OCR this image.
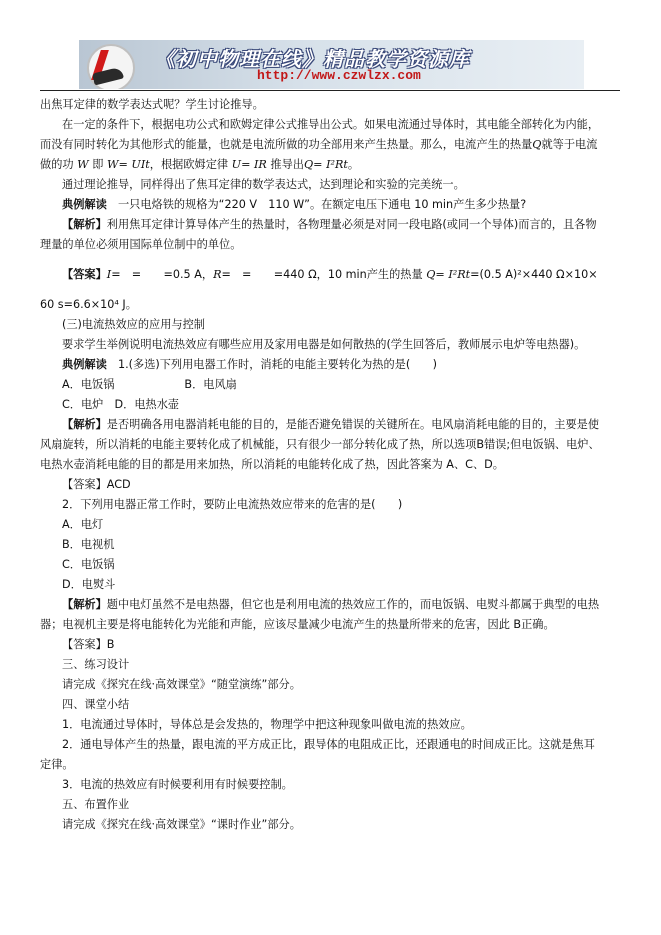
《初中物理在线》精品教学资源库
http://www.czwlzx.com
出焦耳定律的数学表达式呢？学生讨论推导。
在一定的条件下，根据电功公式和欧姆定律公式推导出公式。如果电流通过导体时，其电能全部转化为内能，
而没有同时转化为其他形式的能量，也就是电流所做的功全部用来产生热量。那么，电流产生的热量Q就等于电流
做的功 W 即 W= UIt，根据欧姆定律 U= IR 推导出Q= I²Rt。
通过理论推导，同样得出了焦耳定律的数学表达式，达到理论和实验的完美统一。
典例解读　 一只电烙铁的规格为“220 V　110 W”。在额定电压下通电 10 min产生多少热量?
【解析】利用焦耳定律计算导体产生的热量时，各物理量必须是对同一段电路(或同一个导体)而言的，且各物
理量的单位必须用国际单位制中的单位。
【答案】I=　=　　=0.5 A，R=　=　　=440 Ω，10 min产生的热量 Q= I²Rt=(0.5 A)²×440 Ω×10×
60 s=6.6×10⁴ J。
(三)电流热效应的应用与控制
要求学生举例说明电流热效应有哪些应用及家用电器是如何散热的(学生回答后，教师展示电炉等电热器)。
典例解读　 1.(多选)下列用电器工作时，消耗的电能主要转化为热的是(　　)
A．电饭锅	B．电风扇
C．电炉　D．电热水壶
【解析】是否明确各用电器消耗电能的目的，是能否避免错误的关键所在。电风扇消耗电能的目的，主要是使
风扇旋转，所以消耗的电能主要转化成了机械能，只有很少一部分转化成了热，所以选项B错误;但电饭锅、电炉、
电热水壶消耗电能的目的都是用来加热，所以消耗的电能转化成了热，因此答案为 A、C、D。
【答案】ACD
2．下列用电器正常工作时，要防止电流热效应带来的危害的是(　　)
A．电灯
B．电视机
C．电饭锅
D．电熨斗
【解析】题中电灯虽然不是电热器，但它也是利用电流的热效应工作的，而电饭锅、电熨斗都属于典型的电热
器；电视机主要是将电能转化为光能和声能，应该尽量减少电流产生的热量所带来的危害，因此 B正确。
【答案】B
三、练习设计
请完成《探究在线·高效课堂》“随堂演练”部分。
四、课堂小结
1．电流通过导体时，导体总是会发热的，物理学中把这种现象叫做电流的热效应。
2．通电导体产生的热量，跟电流的平方成正比，跟导体的电阻成正比，还跟通电的时间成正比。这就是焦耳
定律。
3．电流的热效应有时候要利用有时候要控制。
五、布置作业
请完成《探究在线·高效课堂》“课时作业”部分。
